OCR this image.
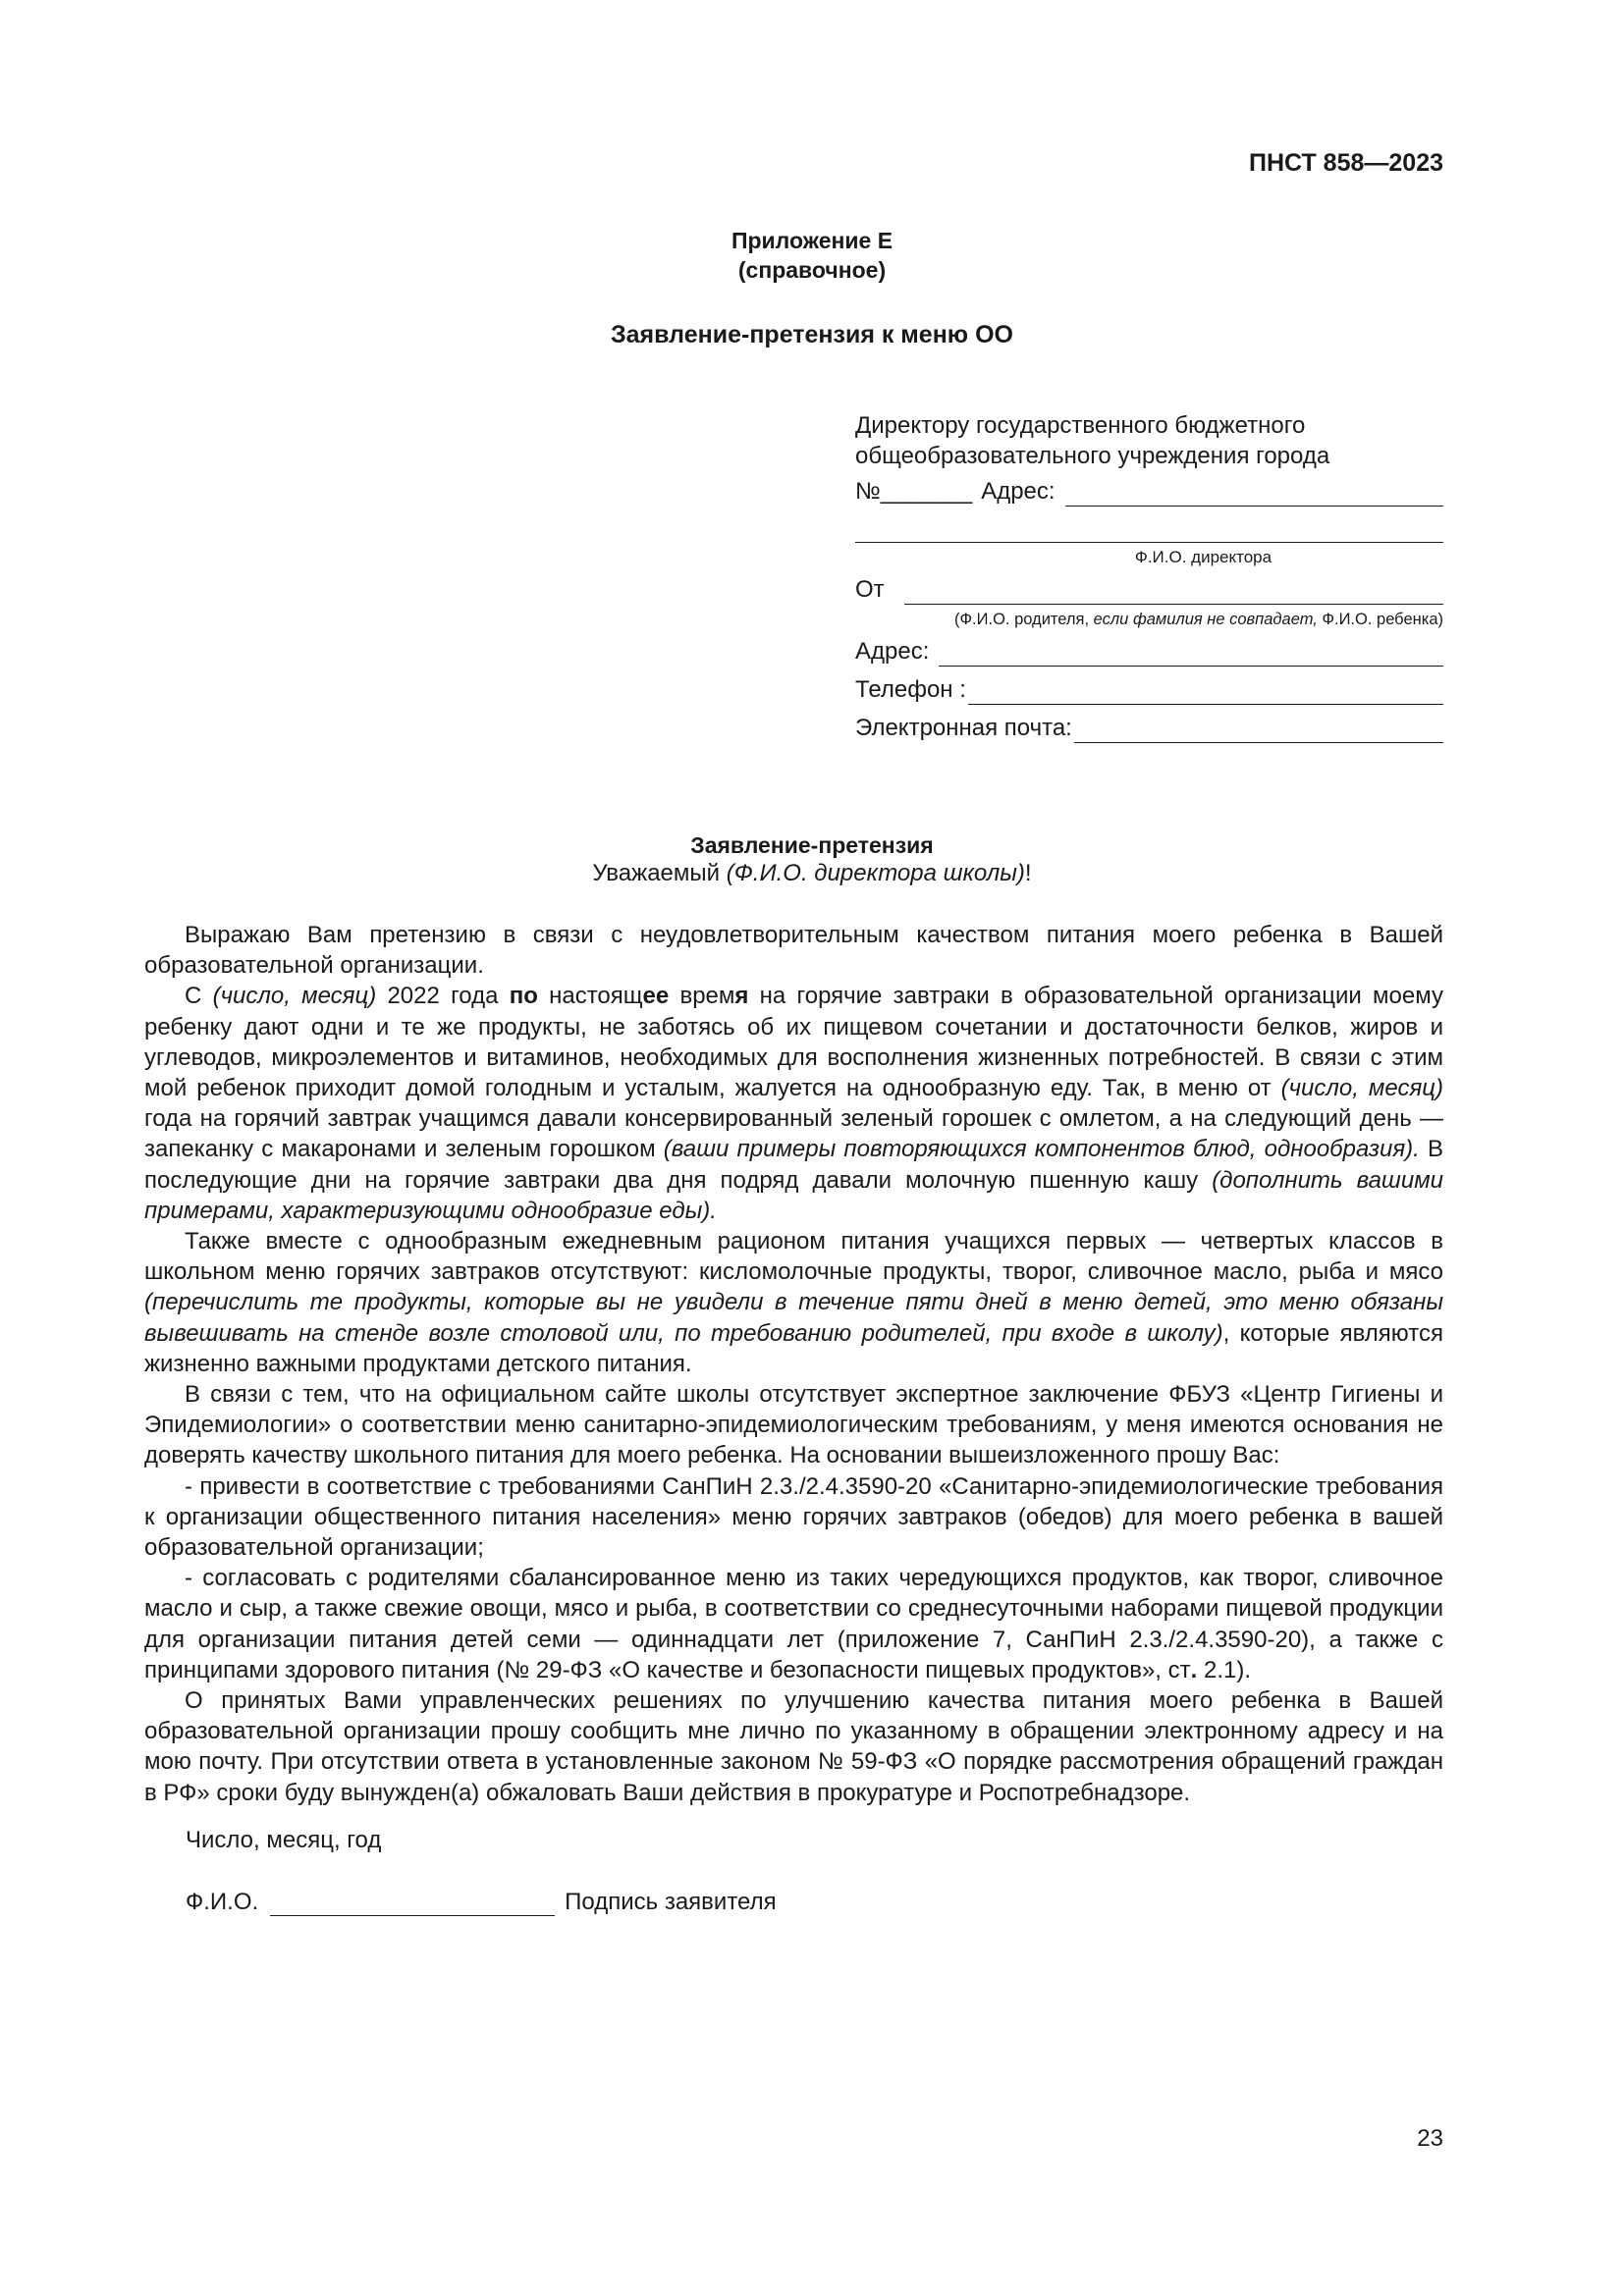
ПНСТ 858—2023
Приложение Е
(справочное)
Заявление-претензия к меню ОО
Директору государственного бюджетного
общеобразовательного учреждения города
№_______ Адрес:
Ф.И.О. директора
От
(Ф.И.О. родителя, если фамилия не совпадает, Ф.И.О. ребенка)
Адрес:
Телефон :
Электронная почта:
Заявление-претензия
Уважаемый (Ф.И.О. директора школы)!

Выражаю Вам претензию в связи с неудовлетворительным качеством питания моего ребенка в Вашей образовательной организации.

С (число, месяц) 2022 года по настоящее время на горячие завтраки в образовательной организации моему ребенку дают одни и те же продукты, не заботясь об их пищевом сочетании и достаточности белков, жиров и углеводов, микроэлементов и витаминов, необходимых для восполнения жизненных потребностей. В связи с этим мой ребенок приходит домой голодным и усталым, жалуется на однообразную еду. Так, в меню от (число, месяц) года на горячий завтрак учащимся давали консервированный зеленый горошек с омлетом, а на следующий день — запеканку с макаронами и зеленым горошком (ваши примеры повторяющихся компонентов блюд, однообразия). В последующие дни на горячие завтраки два дня подряд давали молочную пшенную кашу (дополнить вашими примерами, характеризующими однообразие еды).

Также вместе с однообразным ежедневным рационом питания учащихся первых — четвертых классов в школьном меню горячих завтраков отсутствуют: кисломолочные продукты, творог, сливочное масло, рыба и мясо (перечислить те продукты, которые вы не увидели в течение пяти дней в меню детей, это меню обязаны вывешивать на стенде возле столовой или, по требованию родителей, при входе в школу), которые являются жизненно важными продуктами детского питания.

В связи с тем, что на официальном сайте школы отсутствует экспертное заключение ФБУЗ «Центр Гигиены и Эпидемиологии» о соответствии меню санитарно-эпидемиологическим требованиям, у меня имеются основания не доверять качеству школьного питания для моего ребенка. На основании вышеизложенного прошу Вас:

- привести в соответствие с требованиями СанПиН 2.3./2.4.3590-20 «Санитарно-эпидемиологические требования к организации общественного питания населения» меню горячих завтраков (обедов) для моего ребенка в вашей образовательной организации;

- согласовать с родителями сбалансированное меню из таких чередующихся продуктов, как творог, сливочное масло и сыр, а также свежие овощи, мясо и рыба, в соответствии со среднесуточными наборами пищевой продукции для организации питания детей семи — одиннадцати лет (приложение 7, СанПиН 2.3./2.4.3590-20), а также с принципами здорового питания (№ 29-ФЗ «О качестве и безопасности пищевых продуктов», ст. 2.1).

О принятых Вами управленческих решениях по улучшению качества питания моего ребенка в Вашей образовательной организации прошу сообщить мне лично по указанному в обращении электронному адресу и на мою почту. При отсутствии ответа в установленные законом № 59-ФЗ «О порядке рассмотрения обращений граждан в РФ» сроки буду вынужден(а) обжаловать Ваши действия в прокуратуре и Роспотребнадзоре.

Число, месяц, год
Ф.И.О.	Подпись заявителя
23
